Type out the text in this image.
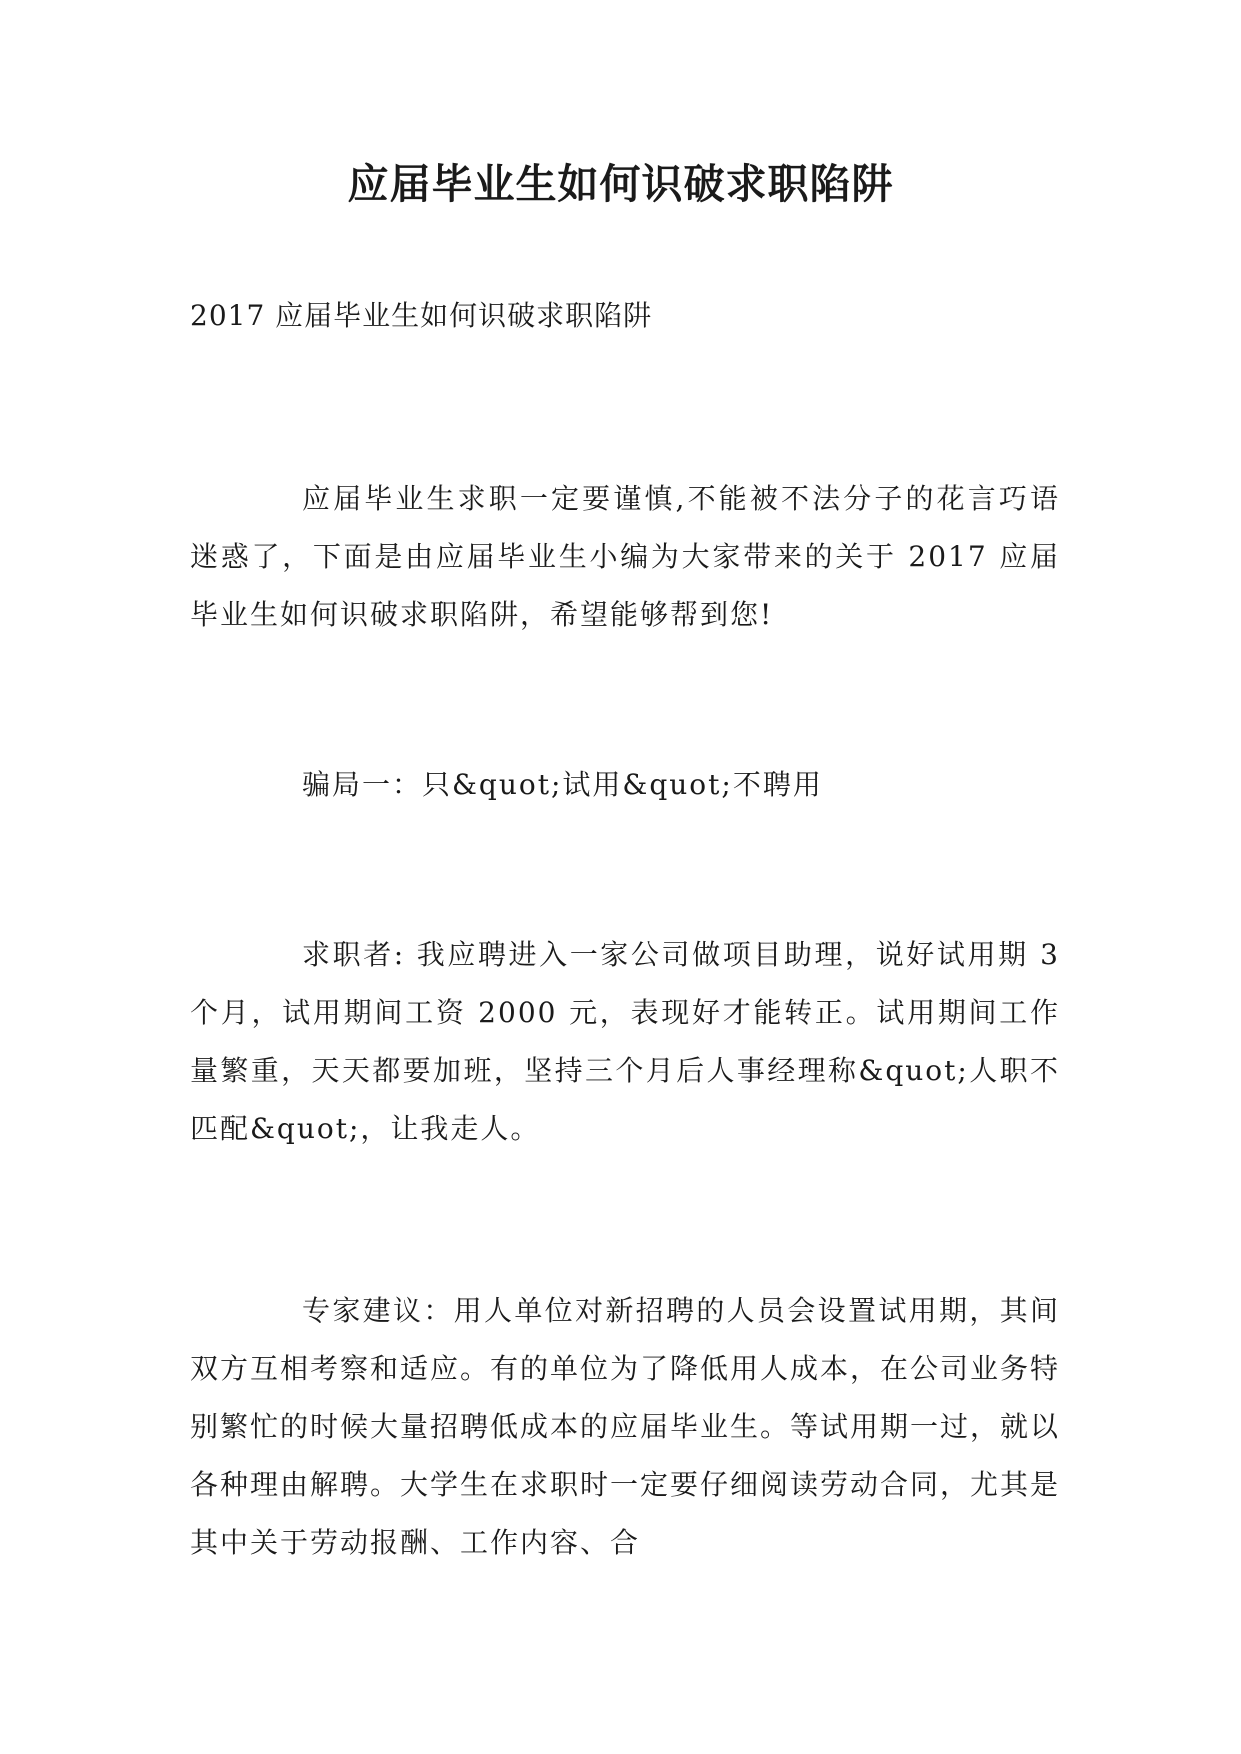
应届毕业生如何识破求职陷阱

2017 应届毕业生如何识破求职陷阱

应届毕业生求职一定要谨慎,不能被不法分子的花言巧语迷惑了，下面是由应届毕业生小编为大家带来的关于 2017 应届毕业生如何识破求职陷阱，希望能够帮到您!

骗局一：只&quot;试用&quot;不聘用

求职者: 我应聘进入一家公司做项目助理，说好试用期 3 个月，试用期间工资 2000 元，表现好才能转正。试用期间工作量繁重，天天都要加班，坚持三个月后人事经理称&quot;人职不匹配&quot;，让我走人。

专家建议：用人单位对新招聘的人员会设置试用期，其间双方互相考察和适应。有的单位为了降低用人成本，在公司业务特别繁忙的时候大量招聘低成本的应届毕业生。等试用期一过，就以各种理由解聘。大学生在求职时一定要仔细阅读劳动合同，尤其是其中关于劳动报酬、工作内容、合
